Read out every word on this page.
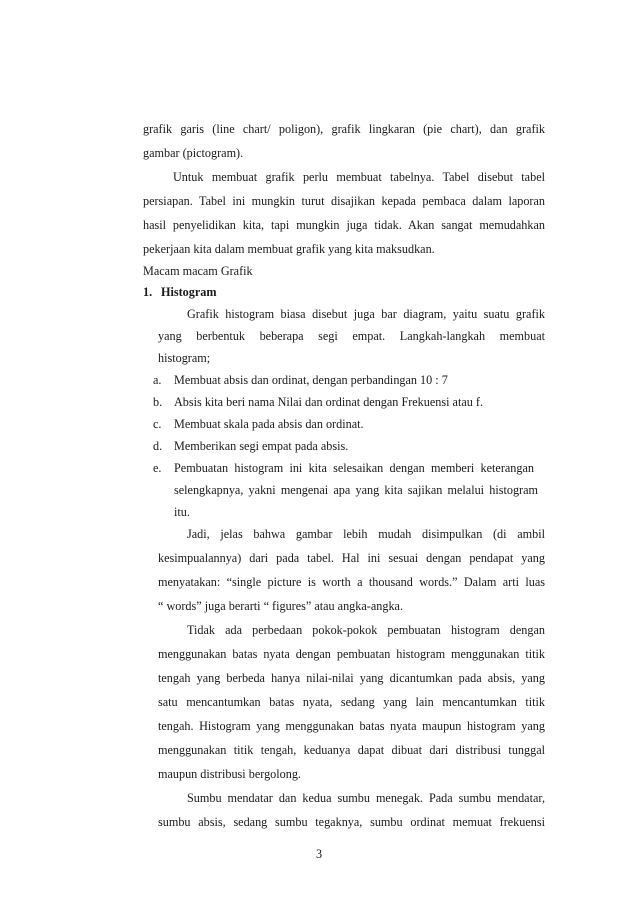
grafik garis (line chart/ poligon), grafik lingkaran (pie chart), dan grafik
gambar (pictogram).
Untuk membuat grafik perlu membuat tabelnya. Tabel disebut tabel
persiapan. Tabel ini mungkin turut disajikan kepada pembaca dalam laporan
hasil penyelidikan kita, tapi mungkin juga tidak. Akan sangat memudahkan
pekerjaan kita dalam membuat grafik yang kita maksudkan.
Macam macam Grafik
1. Histogram
Grafik histogram biasa disebut juga bar diagram, yaitu suatu grafik
yang berbentuk beberapa segi empat. Langkah-langkah membuat
histogram;
a. Membuat absis dan ordinat, dengan perbandingan 10 : 7
b. Absis kita beri nama Nilai dan ordinat dengan Frekuensi atau f.
c. Membuat skala pada absis dan ordinat.
d. Memberikan segi empat pada absis.
e. Pembuatan histogram ini kita selesaikan dengan memberi keterangan
selengkapnya, yakni mengenai apa yang kita sajikan melalui histogram
itu.
Jadi, jelas bahwa gambar lebih mudah disimpulkan (di ambil
kesimpualannya) dari pada tabel. Hal ini sesuai dengan pendapat yang
menyatakan: “single picture is worth a thousand words.” Dalam arti luas
“ words” juga berarti “ figures” atau angka-angka.
Tidak ada perbedaan pokok-pokok pembuatan histogram dengan
menggunakan batas nyata dengan pembuatan histogram menggunakan titik
tengah yang berbeda hanya nilai-nilai yang dicantumkan pada absis, yang
satu mencantumkan batas nyata, sedang yang lain mencantumkan titik
tengah. Histogram yang menggunakan batas nyata maupun histogram yang
menggunakan titik tengah, keduanya dapat dibuat dari distribusi tunggal
maupun distribusi bergolong.
Sumbu mendatar dan kedua sumbu menegak. Pada sumbu mendatar,
sumbu absis, sedang sumbu tegaknya, sumbu ordinat memuat frekuensi
3
